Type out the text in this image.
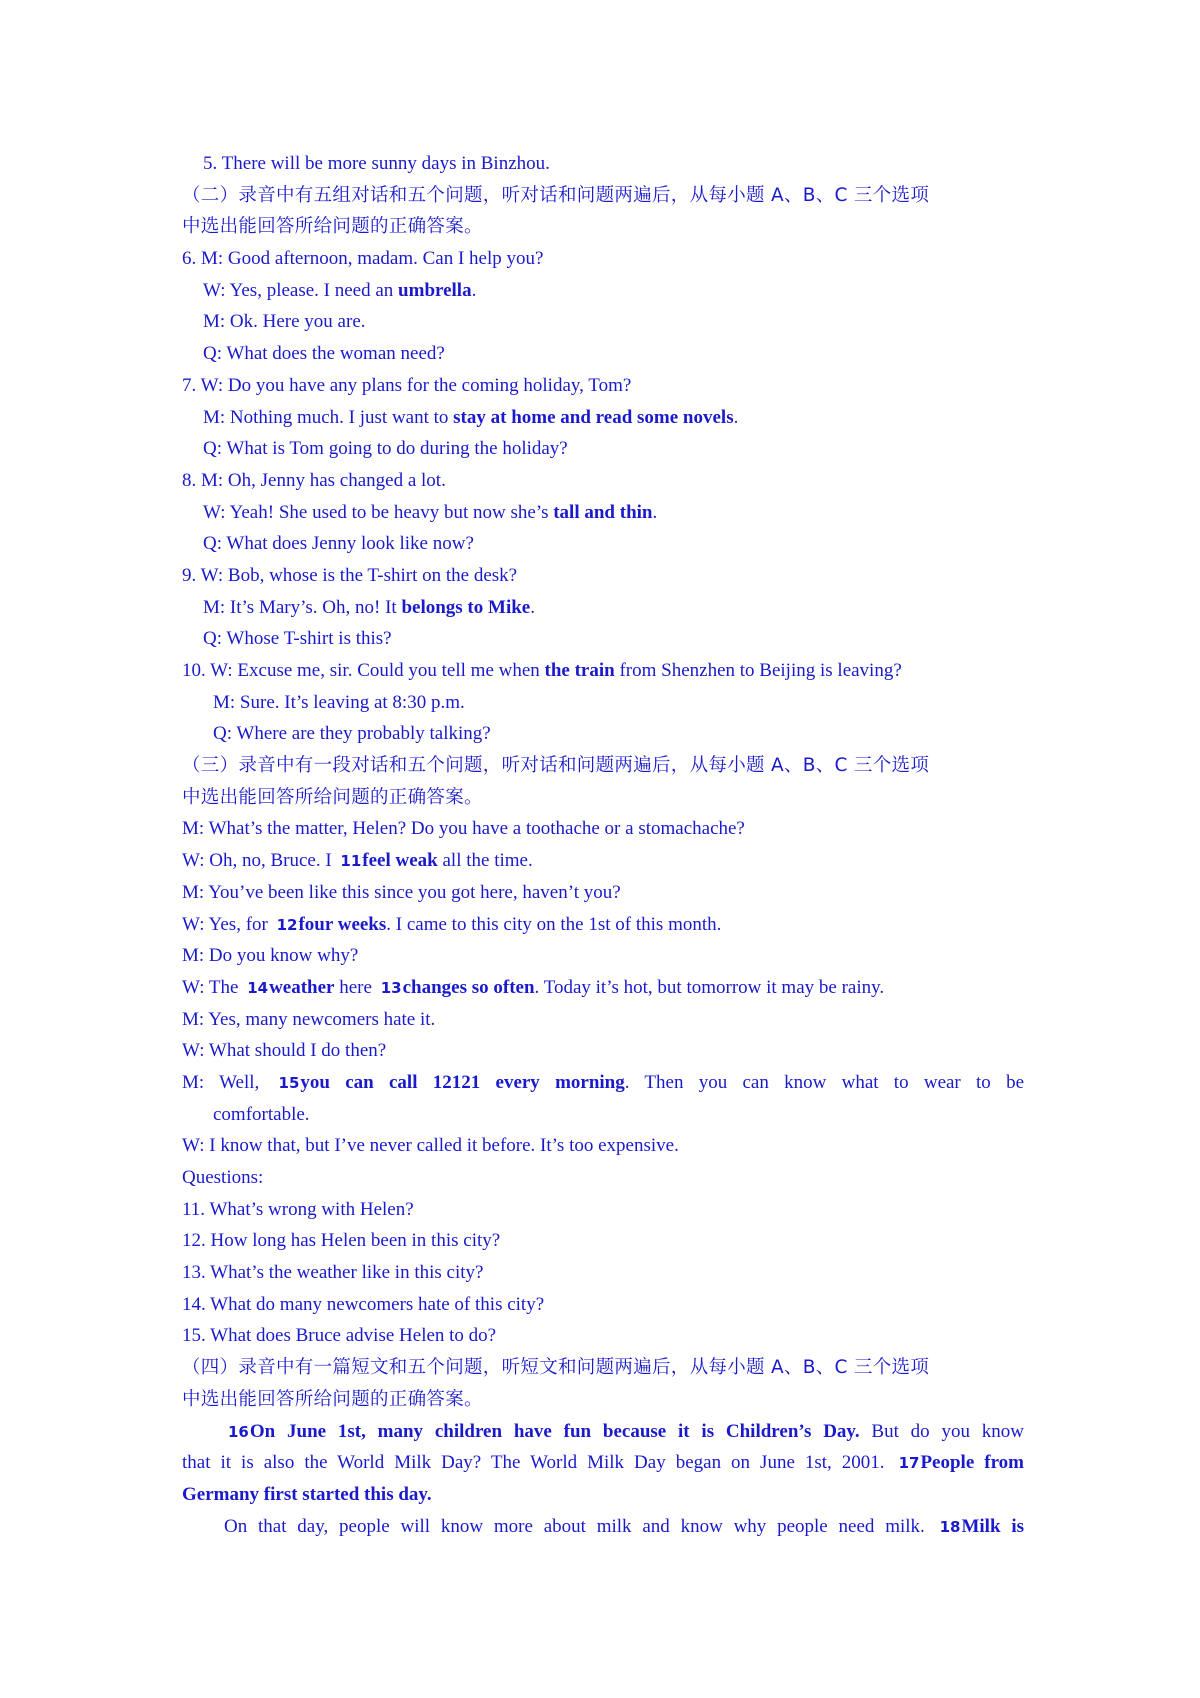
5. There will be more sunny days in Binzhou.
（二）录音中有五组对话和五个问题，听对话和问题两遍后，从每小题 A、B、C 三个选项
中选出能回答所给问题的正确答案。
6. M: Good afternoon, madam. Can I help you?
W: Yes, please. I need an umbrella.
M: Ok. Here you are.
Q: What does the woman need?
7. W: Do you have any plans for the coming holiday, Tom?
M: Nothing much. I just want to stay at home and read some novels.
Q: What is Tom going to do during the holiday?
8. M: Oh, Jenny has changed a lot.
W: Yeah! She used to be heavy but now she’s tall and thin.
Q: What does Jenny look like now?
9. W: Bob, whose is the T-shirt on the desk?
M: It’s Mary’s. Oh, no! It belongs to Mike.
Q: Whose T-shirt is this?
10. W: Excuse me, sir. Could you tell me when the train from Shenzhen to Beijing is leaving?
M: Sure. It’s leaving at 8:30 p.m.
Q: Where are they probably talking?
（三）录音中有一段对话和五个问题，听对话和问题两遍后，从每小题 A、B、C 三个选项
中选出能回答所给问题的正确答案。
M: What’s the matter, Helen? Do you have a toothache or a stomachache?
W: Oh, no, Bruce. I 11feel weak all the time.
M: You’ve been like this since you got here, haven’t you?
W: Yes, for 12four weeks. I came to this city on the 1st of this month.
M: Do you know why?
W: The 14weather here 13changes so often. Today it’s hot, but tomorrow it may be rainy.
M: Yes, many newcomers hate it.
W: What should I do then?
M: Well, 15you can call 12121 every morning. Then you can know what to wear to be
comfortable.
W: I know that, but I’ve never called it before. It’s too expensive.
Questions:
11. What’s wrong with Helen?
12. How long has Helen been in this city?
13. What’s the weather like in this city?
14. What do many newcomers hate of this city?
15. What does Bruce advise Helen to do?
（四）录音中有一篇短文和五个问题，听短文和问题两遍后，从每小题 A、B、C 三个选项
中选出能回答所给问题的正确答案。
16On June 1st, many children have fun because it is Children’s Day. But do you know
that it is also the World Milk Day? The World Milk Day began on June 1st, 2001. 17People from
Germany first started this day.
On that day, people will know more about milk and know why people need milk. 18Milk is
